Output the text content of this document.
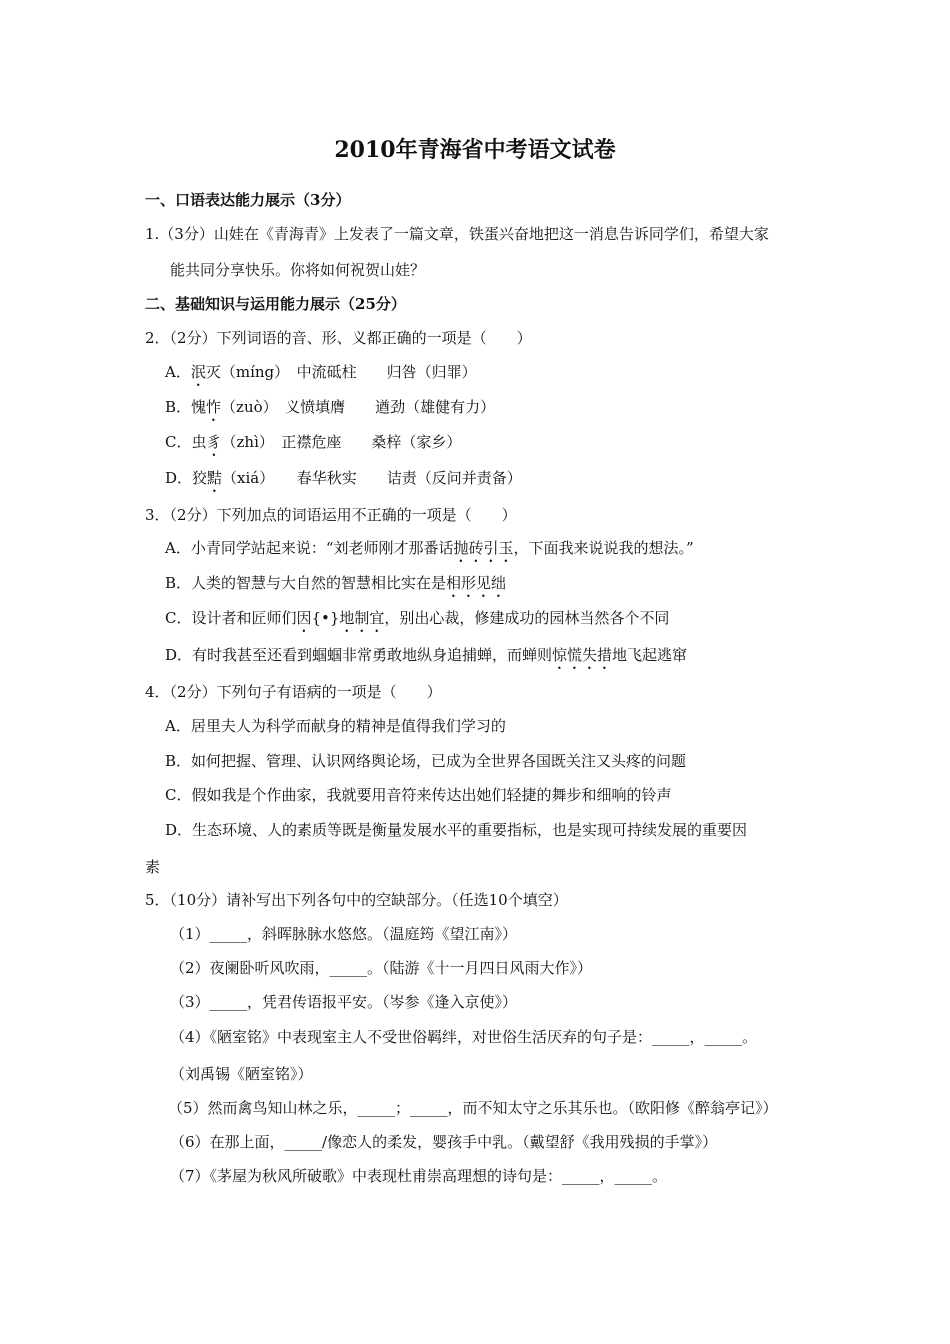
2010年青海省中考语文试卷
一、口语表达能力展示（3分）
1.（3分）山娃在《青海青》上发表了一篇文章，铁蛋兴奋地把这一消息告诉同学们，希望大家
能共同分享快乐。你将如何祝贺山娃？
二、基础知识与运用能力展示（25分）
2．（2分）下列词语的音、形、义都正确的一项是（　　）
A．泯灭（míng）　中流砥柱　　归咎（归罪）
B．愧怍（zuò）　义愤填膺　　遒劲（雄健有力）
C．虫豸（zhì）　正襟危座　　桑梓（家乡）
D．狡黠（xiá）　　春华秋实　　诘责（反问并责备）
3．（2分）下列加点的词语运用不正确的一项是（　　）
A．小青同学站起来说：“刘老师刚才那番话抛砖引玉，下面我来说说我的想法。”
B．人类的智慧与大自然的智慧相比实在是相形见绌
C．设计者和匠师们因{•}地制宜，别出心裁，修建成功的园林当然各个不同
D．有时我甚至还看到蝈蝈非常勇敢地纵身追捕蝉，而蝉则惊慌失措地飞起逃窜
4．（2分）下列句子有语病的一项是（　　）
A．居里夫人为科学而献身的精神是值得我们学习的
B．如何把握、管理、认识网络舆论场，已成为全世界各国既关注又头疼的问题
C．假如我是个作曲家，我就要用音符来传达出她们轻捷的舞步和细响的铃声
D．生态环境、人的素质等既是衡量发展水平的重要指标，也是实现可持续发展的重要因
素
5．（10分）请补写出下列各句中的空缺部分。（任选10个填空）
（1）_____，斜晖脉脉水悠悠。（温庭筠《望江南》）
（2）夜阑卧听风吹雨，_____。（陆游《十一月四日风雨大作》）
（3）_____，凭君传语报平安。（岑参《逢入京使》）
（4）《陋室铭》中表现室主人不受世俗羁绊，对世俗生活厌弃的句子是：_____，_____。
（刘禹锡《陋室铭》）
（5）然而禽鸟知山林之乐，_____；_____，而不知太守之乐其乐也。（欧阳修《醉翁亭记》）
（6）在那上面，_____/像恋人的柔发，婴孩手中乳。（戴望舒《我用残损的手掌》）
（7）《茅屋为秋风所破歌》中表现杜甫崇高理想的诗句是：_____，_____。
